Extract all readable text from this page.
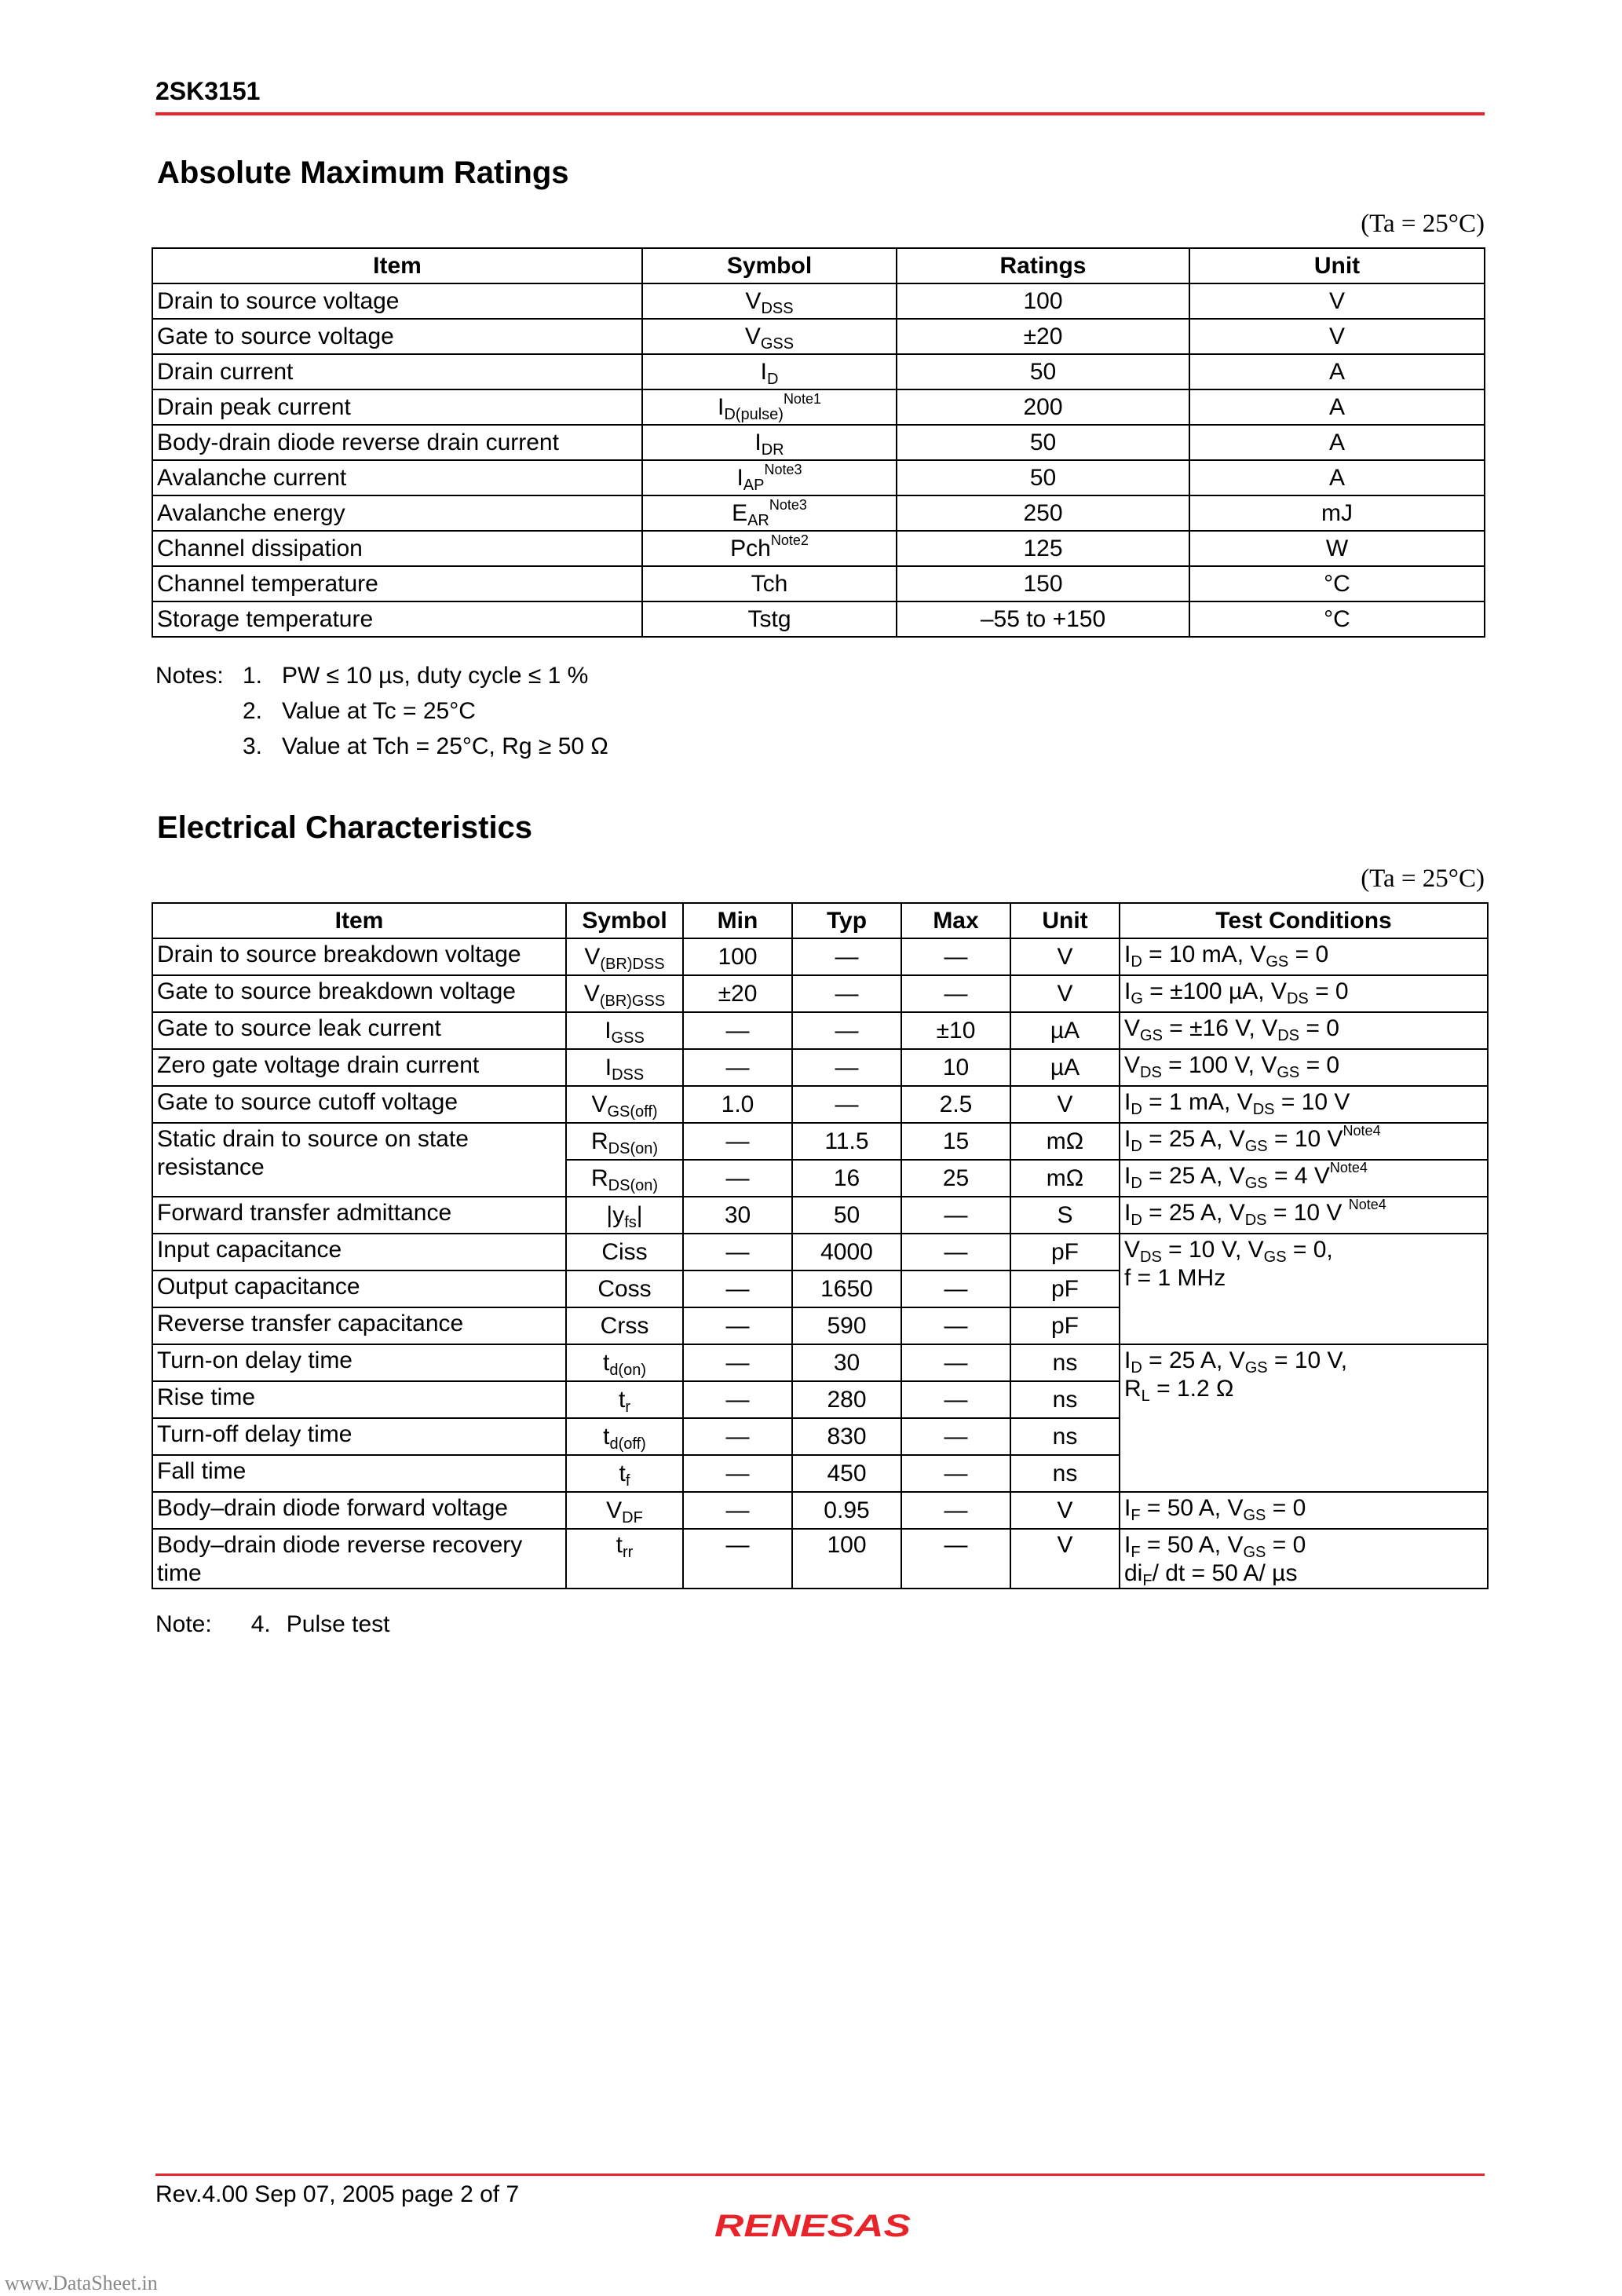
2SK3151
Absolute Maximum Ratings
(Ta = 25°C)
Item	Symbol	Ratings	Unit
Drain to source voltage	$V_{DSS}$	100	V
Gate to source voltage	$V_{GSS}$	±20	V
Drain current	$I_D$	50	A
Drain peak current	$I_{D(pulse)}^{Note1}$	200	A
Body-drain diode reverse drain current	$I_{DR}$	50	A
Avalanche current	$I_{AP}^{Note3}$	50	A
Avalanche energy	$E_{AR}^{Note3}$	250	mJ
Channel dissipation	Pch$^{Note2}$	125	W
Channel temperature	Tch	150	°C
Storage temperature	Tstg	–55 to +150	°C
Notes: 1. PW ≤ 10 µs, duty cycle ≤ 1 %
2. Value at Tc = 25°C
3. Value at Tch = 25°C, Rg ≥ 50 Ω
Electrical Characteristics
(Ta = 25°C)
Item	Symbol	Min	Typ	Max	Unit	Test Conditions
Drain to source breakdown voltage	$V_{(BR)DSS}$	100	—	—	V	$I_D = 10$ mA, $V_{GS} = 0$
Gate to source breakdown voltage	$V_{(BR)GSS}$	±20	—	—	V	$I_G = \pm 100$ µA, $V_{DS} = 0$
Gate to source leak current	$I_{GSS}$	—	—	±10	µA	$V_{GS} = \pm 16$ V, $V_{DS} = 0$
Zero gate voltage drain current	$I_{DSS}$	—	—	10	µA	$V_{DS} = 100$ V, $V_{GS} = 0$
Gate to source cutoff voltage	$V_{GS(off)}$	1.0	—	2.5	V	$I_D = 1$ mA, $V_{DS} = 10$ V
Static drain to source on state resistance	$R_{DS(on)}$	—	11.5	15	mΩ	$I_D = 25$ A, $V_{GS} = 10$ $V^{Note4}$
	$R_{DS(on)}$	—	16	25	mΩ	$I_D = 25$ A, $V_{GS} = 4$ $V^{Note4}$
Forward transfer admittance	$|y_{fs}|$	30	50	—	S	$I_D = 25$ A, $V_{DS} = 10$ V $^{Note4}$
Input capacitance	Ciss	—	4000	—	pF	$V_{DS} = 10$ V, $V_{GS} = 0$,
f = 1 MHz
Output capacitance	Coss	—	1650	—	pF	
Reverse transfer capacitance	Crss	—	590	—	pF	
Turn-on delay time	$t_{d(on)}$	—	30	—	ns	$I_D = 25$ A, $V_{GS} = 10$ V,
$R_L = 1.2$ Ω
Rise time	$t_r$	—	280	—	ns	
Turn-off delay time	$t_{d(off)}$	—	830	—	ns	
Fall time	$t_f$	—	450	—	ns	
Body–drain diode forward voltage	$V_{DF}$	—	0.95	—	V	$I_F = 50$ A, $V_{GS} = 0$
Body–drain diode reverse recovery time	$t_{rr}$	—	100	—	V	$I_F = 50$ A, $V_{GS} = 0$
$di_F/$ dt = 50 A/ µs
Note: 4. Pulse test
Rev.4.00 Sep 07, 2005 page 2 of 7
RENESAS
www.DataSheet.in
